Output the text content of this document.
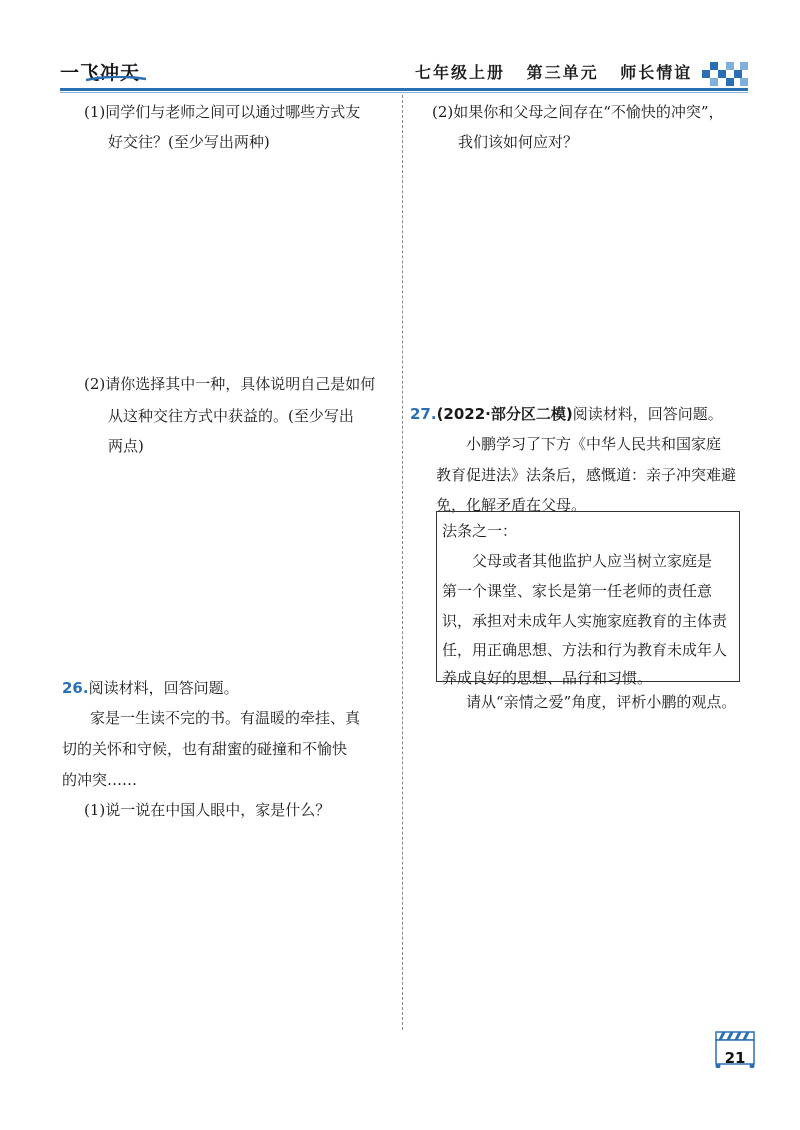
一飞冲天	七年级上册 第三单元 师长情谊
(1)同学们与老师之间可以通过哪些方式友
好交往？(至少写出两种)
(2)请你选择其中一种，具体说明自己是如何
从这种交往方式中获益的。(至少写出
两点)
26.阅读材料，回答问题。
家是一生读不完的书。有温暖的牵挂、真
切的关怀和守候，也有甜蜜的碰撞和不愉快
的冲突……
(1)说一说在中国人眼中，家是什么？
(2)如果你和父母之间存在“不愉快的冲突”，
我们该如何应对？
27.(2022·部分区二模)阅读材料，回答问题。
小鹏学习了下方《中华人民共和国家庭
教育促进法》法条后，感慨道：亲子冲突难避
免，化解矛盾在父母。
法条之一：
父母或者其他监护人应当树立家庭是
第一个课堂、家长是第一任老师的责任意
识，承担对未成年人实施家庭教育的主体责
任，用正确思想、方法和行为教育未成年人
养成良好的思想、品行和习惯。
请从“亲情之爱”角度，评析小鹏的观点。
21
